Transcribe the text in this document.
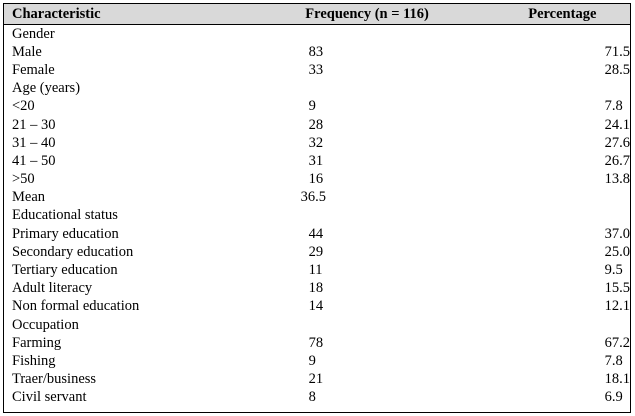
Characteristic	Frequency (n = 116)	Percentage
Gender		
Male	83	71.5
Female	33	28.5
Age (years)		
<20	9	7.8
21 – 30	28	24.1
31 – 40	32	27.6
41 – 50	31	26.7
>50	16	13.8
Mean	36.5	
Educational status		
Primary education	44	37.0
Secondary education	29	25.0
Tertiary education	11	9.5
Adult literacy	18	15.5
Non formal education	14	12.1
Occupation		
Farming	78	67.2
Fishing	9	7.8
Traer/business	21	18.1
Civil servant	8	6.9
